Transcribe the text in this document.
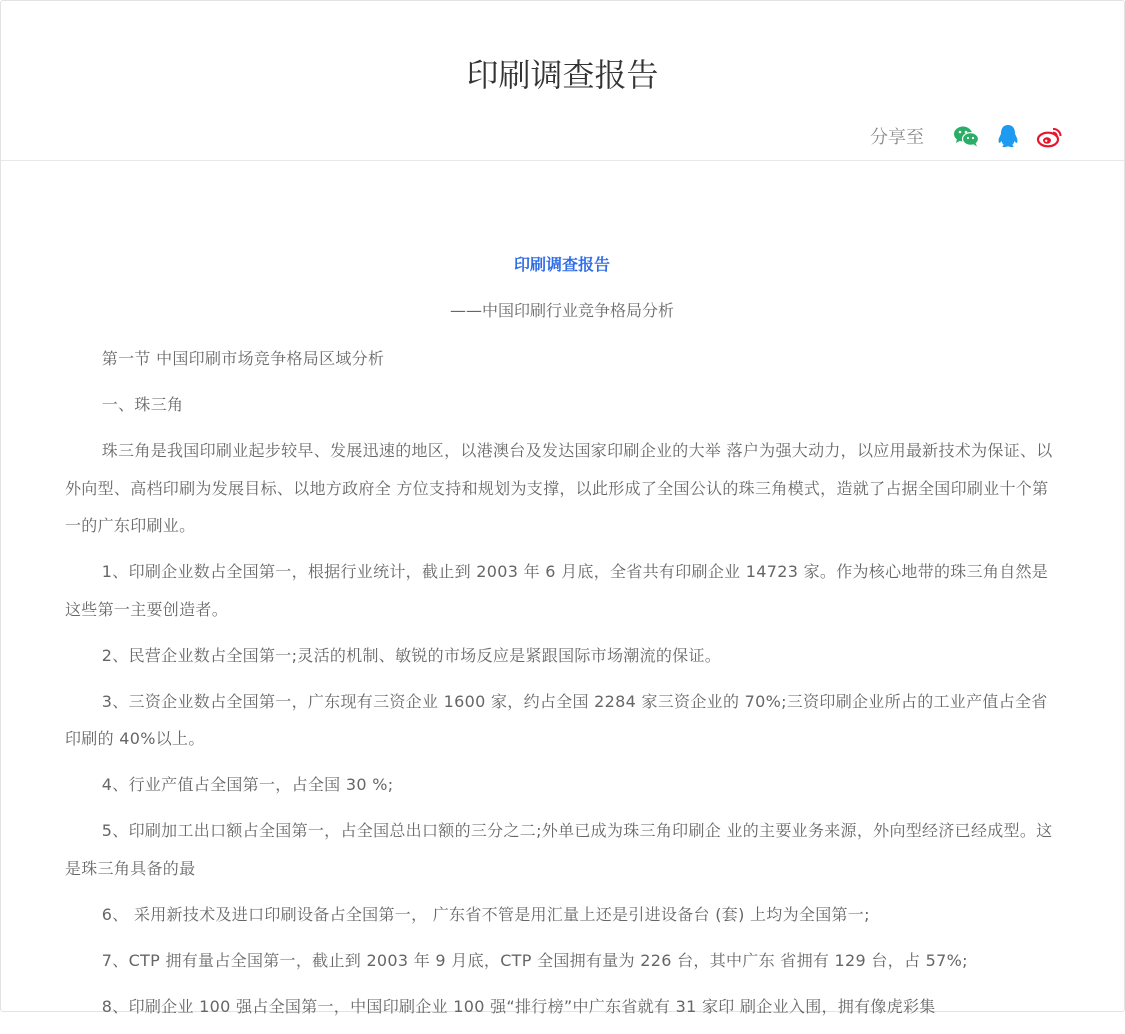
印刷调查报告
分享至
印刷调查报告
——中国印刷行业竞争格局分析

第一节 中国印刷市场竞争格局区域分析

一、珠三角

珠三角是我国印刷业起步较早、发展迅速的地区，以港澳台及发达国家印刷企业的大举 落户为强大动力，以应用最新技术为保证、以外向型、高档印刷为发展目标、以地方政府全 方位支持和规划为支撑，以此形成了全国公认的珠三角模式，造就了占据全国印刷业十个第 一的广东印刷业。

1、印刷企业数占全国第一，根据行业统计，截止到 2003 年 6 月底，全省共有印刷企业 14723 家。作为核心地带的珠三角自然是这些第一主要创造者。

2、民营企业数占全国第一;灵活的机制、敏锐的市场反应是紧跟国际市场潮流的保证。

3、三资企业数占全国第一，广东现有三资企业 1600 家，约占全国 2284 家三资企业的 70%;三资印刷企业所占的工业产值占全省印刷的 40%以上。

4、行业产值占全国第一，占全国 30 %;

5、印刷加工出口额占全国第一，占全国总出口额的三分之二;外单已成为珠三角印刷企 业的主要业务来源，外向型经济已经成型。这是珠三角具备的最

6、 采用新技术及进口印刷设备占全国第一， 广东省不管是用汇量上还是引进设备台 (套) 上均为全国第一;

7、CTP 拥有量占全国第一，截止到 2003 年 9 月底，CTP 全国拥有量为 226 台，其中广东 省拥有 129 台，占 57%;

8、印刷企业 100 强占全国第一，中国印刷企业 100 强“排行榜”中广东省就有 31 家印 刷企业入围，拥有像虎彩集
